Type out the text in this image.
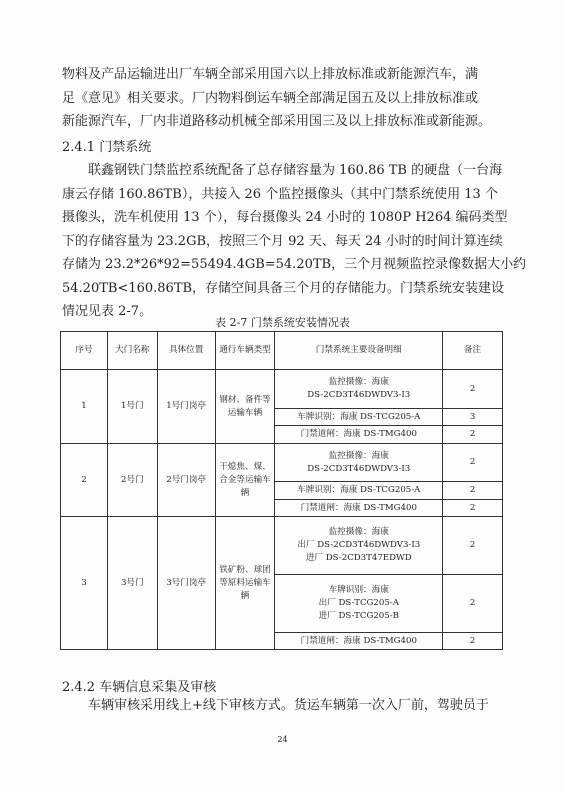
物料及产品运输进出厂车辆全部采用国六以上排放标准或新能源汽车，满
足《意见》相关要求。厂内物料倒运车辆全部满足国五及以上排放标准或
新能源汽车，厂内非道路移动机械全部采用国三及以上排放标准或新能源。
2.4.1 门禁系统
联鑫钢铁门禁监控系统配备了总存储容量为 160.86 TB 的硬盘（一台海
康云存储 160.86TB），共接入 26 个监控摄像头（其中门禁系统使用 13 个
摄像头，洗车机使用 13 个），每台摄像头 24 小时的 1080P H264 编码类型
下的存储容量为 23.2GB，按照三个月 92 天、每天 24 小时的时间计算连续
存储为 23.2*26*92=55494.4GB=54.20TB，三个月视频监控录像数据大小约
54.20TB<160.86TB，存储空间具备三个月的存储能力。门禁系统安装建设
情况见表 2-7。
表 2-7 门禁系统安装情况表
序号	大门名称	具体位置	通行车辆类型	门禁系统主要设备明细	备注
1	1号门	1号门岗亭	钢材、备件等运输车辆	监控摄像：海康
DS-2CD3T46DWDV3-I3	2
				车牌识别：海康 DS-TCG205-A	3
				门禁道闸：海康 DS-TMG400	2
2	2号门	2号门岗亭	干熄焦、煤、合金等运输车辆	监控摄像：海康
DS-2CD3T46DWDV3-I3	2
				车牌识别：海康 DS-TCG205-A	2
				门禁道闸：海康 DS-TMG400	2
3	3号门	3号门岗亭	铁矿粉、球团等原料运输车辆	监控摄像：海康
出厂 DS-2CD3T46DWDV3-I3
进厂 DS-2CD3T47EDWD	2

				车牌识别：海康
出厂 DS-TCG205-A
进厂 DS-TCG205-B	2
				门禁道闸：海康 DS-TMG400	2
2.4.2 车辆信息采集及审核
车辆审核采用线上+线下审核方式。货运车辆第一次入厂前，驾驶员于
24
